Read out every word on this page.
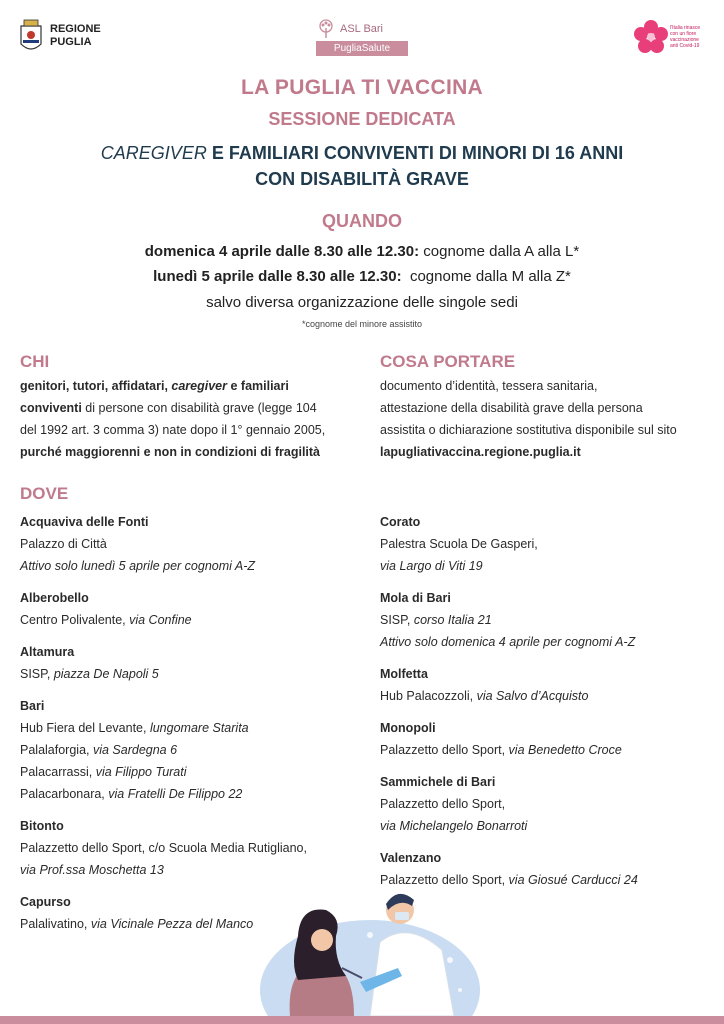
REGIONE
PUGLIA
ASL Bari
PugliaSalute
l'Italia rinasce con un fiore vaccinazione anti Covid-19
LA PUGLIA TI VACCINA
SESSIONE DEDICATA
CAREGIVER E FAMILIARI CONVIVENTI DI MINORI DI 16 ANNI
CON DISABILITÀ GRAVE
QUANDO
domenica 4 aprile dalle 8.30 alle 12.30: cognome dalla A alla L*
lunedì 5 aprile dalle 8.30 alle 12.30:  cognome dalla M alla Z*
salvo diversa organizzazione delle singole sedi
*cognome del minore assistito
CHI
genitori, tutori, affidatari, caregiver e familiari
conviventi di persone con disabilità grave (legge 104
del 1992 art. 3 comma 3) nate dopo il 1° gennaio 2005,
purché maggiorenni e non in condizioni di fragilità
COSA PORTARE
documento d’identità, tessera sanitaria,
attestazione della disabilità grave della persona
assistita o dichiarazione sostitutiva disponibile sul sito
lapugliativaccina.regione.puglia.it
DOVE
Acquaviva delle Fonti
Palazzo di Città
Attivo solo lunedì 5 aprile per cognomi A-Z
Alberobello
Centro Polivalente, via Confine
Altamura
SISP, piazza De Napoli 5
Bari
Hub Fiera del Levante, lungomare Starita
Palalaforgia, via Sardegna 6
Palacarrassi, via Filippo Turati
Palacarbonara, via Fratelli De Filippo 22
Bitonto
Palazzetto dello Sport, c/o Scuola Media Rutigliano,
via Prof.ssa Moschetta 13
Capurso
Palalivatino, via Vicinale Pezza del Manco
Corato
Palestra Scuola De Gasperi,
via Largo di Viti 19
Mola di Bari
SISP, corso Italia 21
Attivo solo domenica 4 aprile per cognomi A-Z
Molfetta
Hub Palacozzoli, via Salvo d’Acquisto
Monopoli
Palazzetto dello Sport, via Benedetto Croce
Sammichele di Bari
Palazzetto dello Sport,
via Michelangelo Bonarroti
Valenzano
Palazzetto dello Sport, via Giosué Carducci 24
